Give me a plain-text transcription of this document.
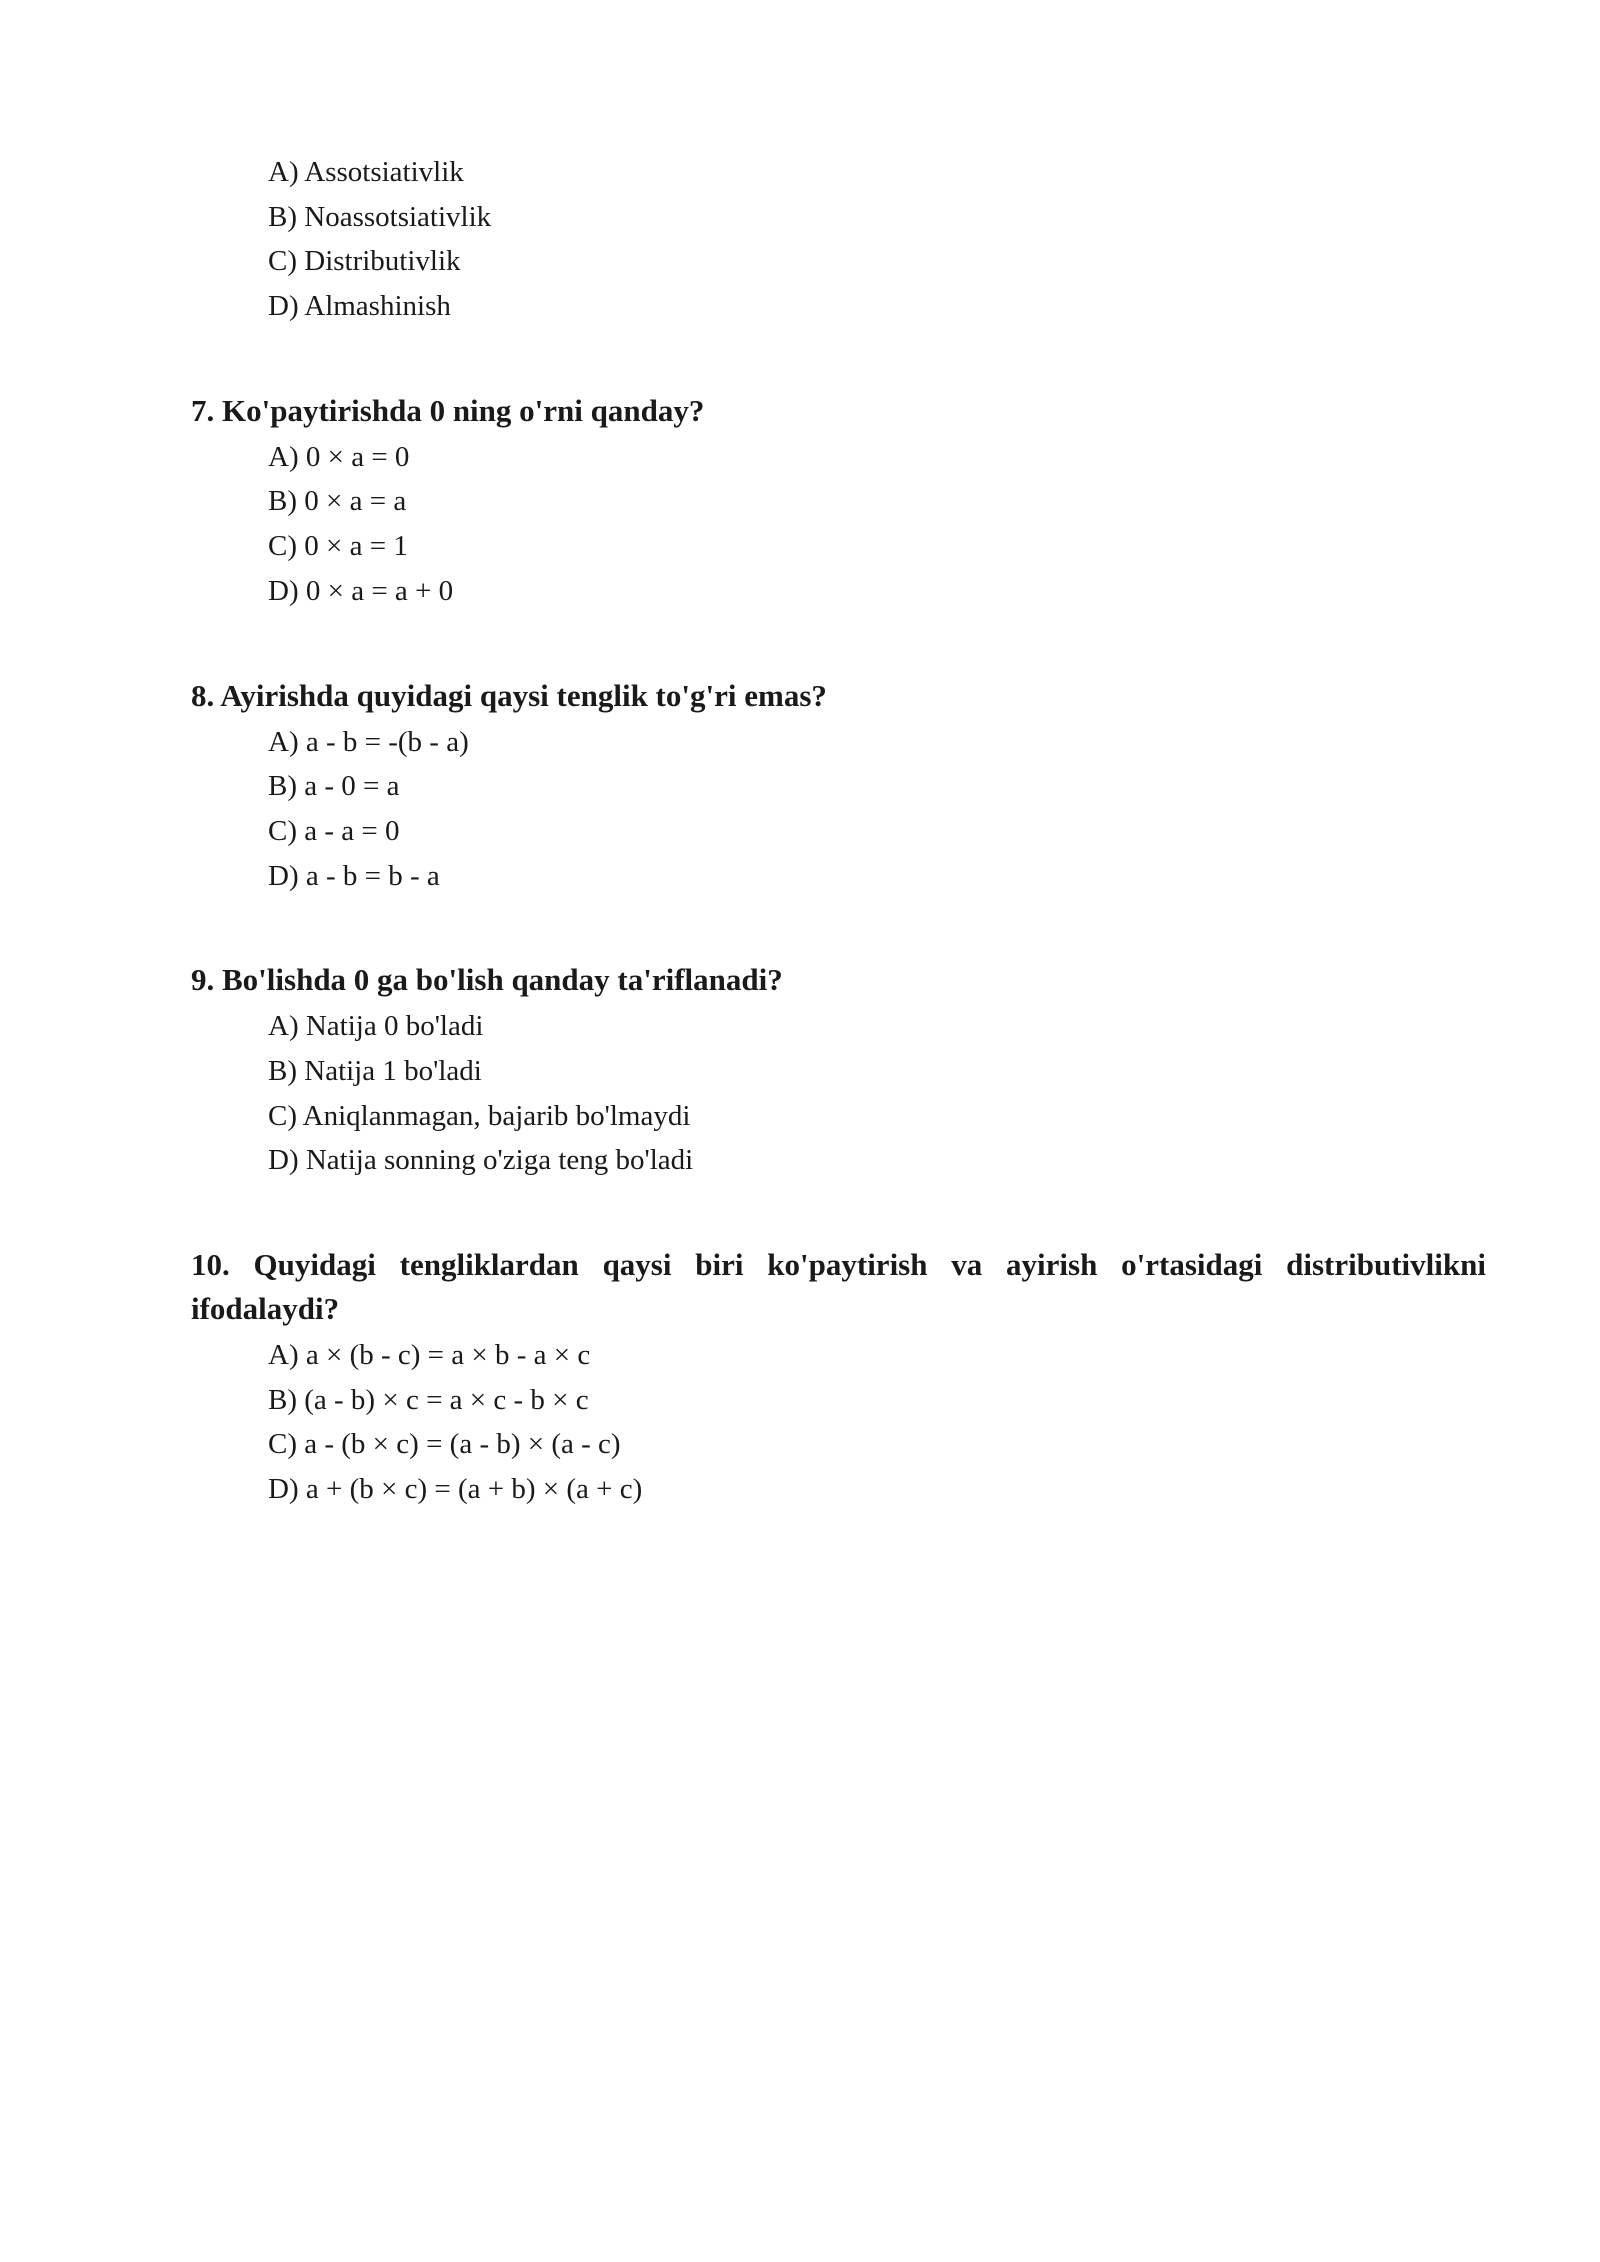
A) Assotsiativlik
B) Noassotsiativlik
C) Distributivlik
D) Almashinish
7. Ko'paytirishda 0 ning o'rni qanday?
A) 0 × a = 0
B) 0 × a = a
C) 0 × a = 1
D) 0 × a = a + 0
8. Ayirishda quyidagi qaysi tenglik to'g'ri emas?
A) a - b = -(b - a)
B) a - 0 = a
C) a - a = 0
D) a - b = b - a
9. Bo'lishda 0 ga bo'lish qanday ta'riflanadi?
A) Natija 0 bo'ladi
B) Natija 1 bo'ladi
C) Aniqlanmagan, bajarib bo'lmaydi
D) Natija sonning o'ziga teng bo'ladi
10. Quyidagi tengliklardan qaysi biri ko'paytirish va ayirish o'rtasidagi distributivlikni ifodalaydi?
A) a × (b - c) = a × b - a × c
B) (a - b) × c = a × c - b × c
C) a - (b × c) = (a - b) × (a - c)
D) a + (b × c) = (a + b) × (a + c)
